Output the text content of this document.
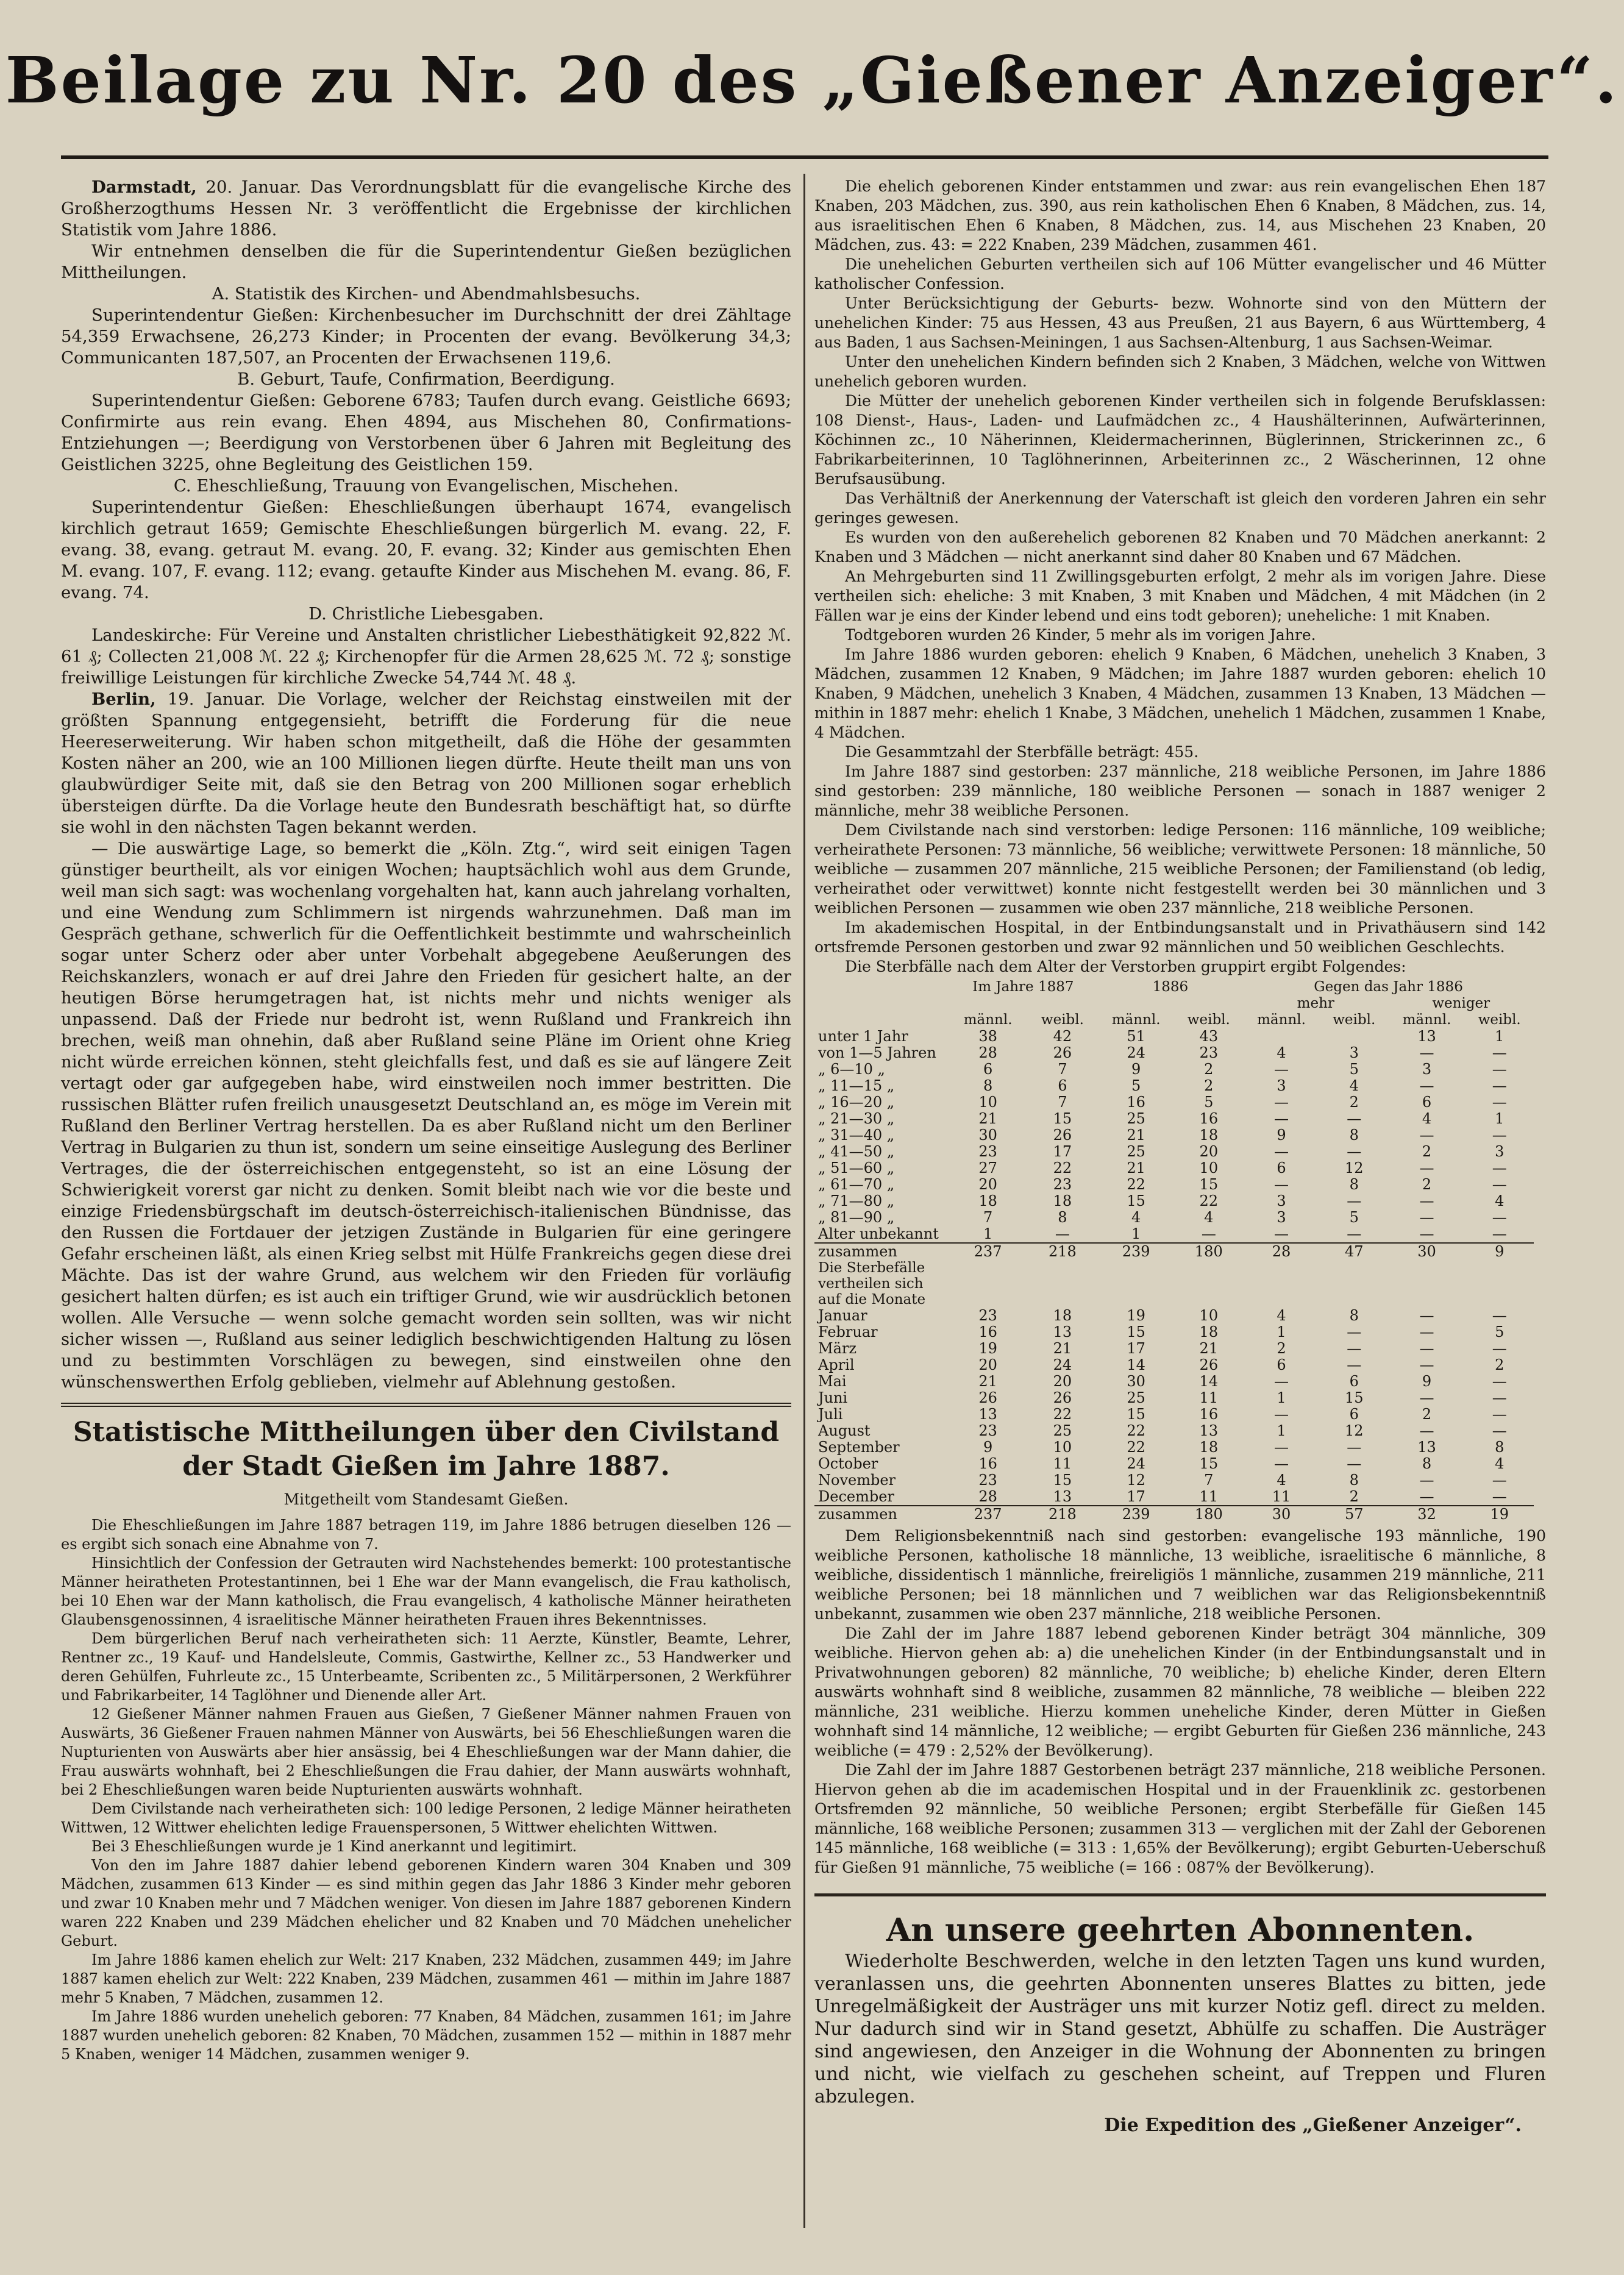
Beilage zu Nr. 20 des „Gießener Anzeiger“.

Darmstadt, 20. Januar. Das Verordnungsblatt für die evangelische Kirche des Großherzogthums Hessen Nr. 3 veröffentlicht die Ergebnisse der kirchlichen Statistik vom Jahre 1886.

Wir entnehmen denselben die für die Superintendentur Gießen bezüglichen Mittheilungen.

A. Statistik des Kirchen- und Abendmahlsbesuchs.

Superintendentur Gießen: Kirchenbesucher im Durchschnitt der drei Zähltage 54,359 Erwachsene, 26,273 Kinder; in Procenten der evang. Bevölkerung 34,3; Communicanten 187,507, an Procenten der Erwachsenen 119,6.

B. Geburt, Taufe, Confirmation, Beerdigung.

Superintendentur Gießen: Geborene 6783; Taufen durch evang. Geistliche 6693; Confirmirte aus rein evang. Ehen 4894, aus Mischehen 80, Confirmations-Entziehungen —; Beerdigung von Verstorbenen über 6 Jahren mit Begleitung des Geistlichen 3225, ohne Begleitung des Geistlichen 159.

C. Eheschließung, Trauung von Evangelischen, Mischehen.

Superintendentur Gießen: Eheschließungen überhaupt 1674, evangelisch kirchlich getraut 1659; Gemischte Eheschließungen bürgerlich M. evang. 22, F. evang. 38, evang. getraut M. evang. 20, F. evang. 32; Kinder aus gemischten Ehen M. evang. 107, F. evang. 112; evang. getaufte Kinder aus Mischehen M. evang. 86, F. evang. 74.

D. Christliche Liebesgaben.

Landeskirche: Für Vereine und Anstalten christlicher Liebesthätigkeit 92,822 ℳ. 61 ₰; Collecten 21,008 ℳ. 22 ₰; Kirchenopfer für die Armen 28,625 ℳ. 72 ₰; sonstige freiwillige Leistungen für kirchliche Zwecke 54,744 ℳ. 48 ₰.

Berlin, 19. Januar. Die Vorlage, welcher der Reichstag einstweilen mit der größten Spannung entgegensieht, betrifft die Forderung für die neue Heereserweiterung. Wir haben schon mitgetheilt, daß die Höhe der gesammten Kosten näher an 200, wie an 100 Millionen liegen dürfte. Heute theilt man uns von glaubwürdiger Seite mit, daß sie den Betrag von 200 Millionen sogar erheblich übersteigen dürfte. Da die Vorlage heute den Bundesrath beschäftigt hat, so dürfte sie wohl in den nächsten Tagen bekannt werden.

— Die auswärtige Lage, so bemerkt die „Köln. Ztg.“, wird seit einigen Tagen günstiger beurtheilt, als vor einigen Wochen; hauptsächlich wohl aus dem Grunde, weil man sich sagt: was wochenlang vorgehalten hat, kann auch jahrelang vorhalten, und eine Wendung zum Schlimmern ist nirgends wahrzunehmen. Daß man im Gespräch gethane, schwerlich für die Oeffentlichkeit bestimmte und wahrscheinlich sogar unter Scherz oder aber unter Vorbehalt abgegebene Aeußerungen des Reichskanzlers, wonach er auf drei Jahre den Frieden für gesichert halte, an der heutigen Börse herumgetragen hat, ist nichts mehr und nichts weniger als unpassend. Daß der Friede nur bedroht ist, wenn Rußland und Frankreich ihn brechen, weiß man ohnehin, daß aber Rußland seine Pläne im Orient ohne Krieg nicht würde erreichen können, steht gleichfalls fest, und daß es sie auf längere Zeit vertagt oder gar aufgegeben habe, wird einstweilen noch immer bestritten. Die russischen Blätter rufen freilich unausgesetzt Deutschland an, es möge im Verein mit Rußland den Berliner Vertrag herstellen. Da es aber Rußland nicht um den Berliner Vertrag in Bulgarien zu thun ist, sondern um seine einseitige Auslegung des Berliner Vertrages, die der österreichischen entgegensteht, so ist an eine Lösung der Schwierigkeit vorerst gar nicht zu denken. Somit bleibt nach wie vor die beste und einzige Friedensbürgschaft im deutsch-österreichisch-italienischen Bündnisse, das den Russen die Fortdauer der jetzigen Zustände in Bulgarien für eine geringere Gefahr erscheinen läßt, als einen Krieg selbst mit Hülfe Frankreichs gegen diese drei Mächte. Das ist der wahre Grund, aus welchem wir den Frieden für vorläufig gesichert halten dürfen; es ist auch ein triftiger Grund, wie wir ausdrücklich betonen wollen. Alle Versuche — wenn solche gemacht worden sein sollten, was wir nicht sicher wissen —, Rußland aus seiner lediglich beschwichtigenden Haltung zu lösen und zu bestimmten Vorschlägen zu bewegen, sind einstweilen ohne den wünschenswerthen Erfolg geblieben, vielmehr auf Ablehnung gestoßen.

Statistische Mittheilungen über den Civilstand der Stadt Gießen im Jahre 1887.
Mitgetheilt vom Standesamt Gießen.

Die Eheschließungen im Jahre 1887 betragen 119, im Jahre 1886 betrugen dieselben 126 — es ergibt sich sonach eine Abnahme von 7.

Hinsichtlich der Confession der Getrauten wird Nachstehendes bemerkt: 100 protestantische Männer heiratheten Protestantinnen, bei 1 Ehe war der Mann evangelisch, die Frau katholisch, bei 10 Ehen war der Mann katholisch, die Frau evangelisch, 4 katholische Männer heiratheten Glaubensgenossinnen, 4 israelitische Männer heiratheten Frauen ihres Bekenntnisses.

Dem bürgerlichen Beruf nach verheiratheten sich: 11 Aerzte, Künstler, Beamte, Lehrer, Rentner zc., 19 Kauf- und Handelsleute, Commis, Gastwirthe, Kellner zc., 53 Handwerker und deren Gehülfen, Fuhrleute zc., 15 Unterbeamte, Scribenten zc., 5 Militärpersonen, 2 Werkführer und Fabrikarbeiter, 14 Taglöhner und Dienende aller Art.

12 Gießener Männer nahmen Frauen aus Gießen, 7 Gießener Männer nahmen Frauen von Auswärts, 36 Gießener Frauen nahmen Männer von Auswärts, bei 56 Eheschließungen waren die Nupturienten von Auswärts aber hier ansässig, bei 4 Eheschließungen war der Mann dahier, die Frau auswärts wohnhaft, bei 2 Eheschließungen die Frau dahier, der Mann auswärts wohnhaft, bei 2 Eheschließungen waren beide Nupturienten auswärts wohnhaft.

Dem Civilstande nach verheiratheten sich: 100 ledige Personen, 2 ledige Männer heiratheten Wittwen, 12 Wittwer ehelichten ledige Frauenspersonen, 5 Wittwer ehelichten Wittwen.

Bei 3 Eheschließungen wurde je 1 Kind anerkannt und legitimirt.

Von den im Jahre 1887 dahier lebend geborenen Kindern waren 304 Knaben und 309 Mädchen, zusammen 613 Kinder — es sind mithin gegen das Jahr 1886 3 Kinder mehr geboren und zwar 10 Knaben mehr und 7 Mädchen weniger. Von diesen im Jahre 1887 geborenen Kindern waren 222 Knaben und 239 Mädchen ehelicher und 82 Knaben und 70 Mädchen unehelicher Geburt.

Im Jahre 1886 kamen ehelich zur Welt: 217 Knaben, 232 Mädchen, zusammen 449; im Jahre 1887 kamen ehelich zur Welt: 222 Knaben, 239 Mädchen, zusammen 461 — mithin im Jahre 1887 mehr 5 Knaben, 7 Mädchen, zusammen 12.

Im Jahre 1886 wurden unehelich geboren: 77 Knaben, 84 Mädchen, zusammen 161; im Jahre 1887 wurden unehelich geboren: 82 Knaben, 70 Mädchen, zusammen 152 — mithin in 1887 mehr 5 Knaben, weniger 14 Mädchen, zusammen weniger 9.

Die ehelich geborenen Kinder entstammen und zwar: aus rein evangelischen Ehen 187 Knaben, 203 Mädchen, zus. 390, aus rein katholischen Ehen 6 Knaben, 8 Mädchen, zus. 14, aus israelitischen Ehen 6 Knaben, 8 Mädchen, zus. 14, aus Mischehen 23 Knaben, 20 Mädchen, zus. 43: = 222 Knaben, 239 Mädchen, zusammen 461.

Die unehelichen Geburten vertheilen sich auf 106 Mütter evangelischer und 46 Mütter katholischer Confession.

Unter Berücksichtigung der Geburts- bezw. Wohnorte sind von den Müttern der unehelichen Kinder: 75 aus Hessen, 43 aus Preußen, 21 aus Bayern, 6 aus Württemberg, 4 aus Baden, 1 aus Sachsen-Meiningen, 1 aus Sachsen-Altenburg, 1 aus Sachsen-Weimar.

Unter den unehelichen Kindern befinden sich 2 Knaben, 3 Mädchen, welche von Wittwen unehelich geboren wurden.

Die Mütter der unehelich geborenen Kinder vertheilen sich in folgende Berufsklassen: 108 Dienst-, Haus-, Laden- und Laufmädchen zc., 4 Haushälterinnen, Aufwärterinnen, Köchinnen zc., 10 Näherinnen, Kleidermacherinnen, Büglerinnen, Strickerinnen zc., 6 Fabrikarbeiterinnen, 10 Taglöhnerinnen, Arbeiterinnen zc., 2 Wäscherinnen, 12 ohne Berufsausübung.

Das Verhältniß der Anerkennung der Vaterschaft ist gleich den vorderen Jahren ein sehr geringes gewesen.

Es wurden von den außerehelich geborenen 82 Knaben und 70 Mädchen anerkannt: 2 Knaben und 3 Mädchen — nicht anerkannt sind daher 80 Knaben und 67 Mädchen.

An Mehrgeburten sind 11 Zwillingsgeburten erfolgt, 2 mehr als im vorigen Jahre. Diese vertheilen sich: eheliche: 3 mit Knaben, 3 mit Knaben und Mädchen, 4 mit Mädchen (in 2 Fällen war je eins der Kinder lebend und eins todt geboren); uneheliche: 1 mit Knaben.

Todtgeboren wurden 26 Kinder, 5 mehr als im vorigen Jahre.

Im Jahre 1886 wurden geboren: ehelich 9 Knaben, 6 Mädchen, unehelich 3 Knaben, 3 Mädchen, zusammen 12 Knaben, 9 Mädchen; im Jahre 1887 wurden geboren: ehelich 10 Knaben, 9 Mädchen, unehelich 3 Knaben, 4 Mädchen, zusammen 13 Knaben, 13 Mädchen — mithin in 1887 mehr: ehelich 1 Knabe, 3 Mädchen, unehelich 1 Mädchen, zusammen 1 Knabe, 4 Mädchen.

Die Gesammtzahl der Sterbfälle beträgt: 455.

Im Jahre 1887 sind gestorben: 237 männliche, 218 weibliche Personen, im Jahre 1886 sind gestorben: 239 männliche, 180 weibliche Personen — sonach in 1887 weniger 2 männliche, mehr 38 weibliche Personen.

Dem Civilstande nach sind verstorben: ledige Personen: 116 männliche, 109 weibliche; verheirathete Personen: 73 männliche, 56 weibliche; verwittwete Personen: 18 männliche, 50 weibliche — zusammen 207 männliche, 215 weibliche Personen; der Familienstand (ob ledig, verheirathet oder verwittwet) konnte nicht festgestellt werden bei 30 männlichen und 3 weiblichen Personen — zusammen wie oben 237 männliche, 218 weibliche Personen.

Im akademischen Hospital, in der Entbindungsanstalt und in Privathäusern sind 142 ortsfremde Personen gestorben und zwar 92 männlichen und 50 weiblichen Geschlechts.

Die Sterbfälle nach dem Alter der Verstorben gruppirt ergibt Folgendes:

	Im Jahre 1887		1886		Gegen das Jahr 1886			
					mehr		weniger	
	männl.	weibl.	männl.	weibl.	männl.	weibl.	männl.	weibl.
unter 1 Jahr	38	42	51	43			13	1
von 1—5 Jahren	28	26	24	23	4	3	—	—
„ 6—10 „	6	7	9	2	—	5	3	—
„ 11—15 „	8	6	5	2	3	4	—	—
„ 16—20 „	10	7	16	5	—	2	6	—
„ 21—30 „	21	15	25	16	—	—	4	1
„ 31—40 „	30	26	21	18	9	8	—	—
„ 41—50 „	23	17	25	20	—	—	2	3
„ 51—60 „	27	22	21	10	6	12	—	—
„ 61—70 „	20	23	22	15	—	8	2	—
„ 71—80 „	18	18	15	22	3	—	—	4
„ 81—90 „	7	8	4	4	3	5	—	—
Alter unbekannt	1	—	1	—	—	—	—	—
zusammen	237	218	239	180	28	47	30	9
Die Sterbefälle vertheilen sich auf die Monate								
Januar	23	18	19	10	4	8	—	—
Februar	16	13	15	18	1	—	—	5
März	19	21	17	21	2	—	—	—
April	20	24	14	26	6	—	—	2
Mai	21	20	30	14	—	6	9	—
Juni	26	26	25	11	1	15	—	—
Juli	13	22	15	16	—	6	2	—
August	23	25	22	13	1	12	—	—
September	9	10	22	18	—	—	13	8
October	16	11	24	15	—	—	8	4
November	23	15	12	7	4	8	—	—
December	28	13	17	11	11	2	—	—
zusammen	237	218	239	180	30	57	32	19

Dem Religionsbekenntniß nach sind gestorben: evangelische 193 männliche, 190 weibliche Personen, katholische 18 männliche, 13 weibliche, israelitische 6 männliche, 8 weibliche, dissidentisch 1 männliche, freireligiös 1 männliche, zusammen 219 männliche, 211 weibliche Personen; bei 18 männlichen und 7 weiblichen war das Religionsbekenntniß unbekannt, zusammen wie oben 237 männliche, 218 weibliche Personen.

Die Zahl der im Jahre 1887 lebend geborenen Kinder beträgt 304 männliche, 309 weibliche. Hiervon gehen ab: a) die unehelichen Kinder (in der Entbindungsanstalt und in Privatwohnungen geboren) 82 männliche, 70 weibliche; b) eheliche Kinder, deren Eltern auswärts wohnhaft sind 8 weibliche, zusammen 82 männliche, 78 weibliche — bleiben 222 männliche, 231 weibliche. Hierzu kommen uneheliche Kinder, deren Mütter in Gießen wohnhaft sind 14 männliche, 12 weibliche; — ergibt Geburten für Gießen 236 männliche, 243 weibliche (= 479 : 2,52% der Bevölkerung).

Die Zahl der im Jahre 1887 Gestorbenen beträgt 237 männliche, 218 weibliche Personen. Hiervon gehen ab die im academischen Hospital und in der Frauenklinik zc. gestorbenen Ortsfremden 92 männliche, 50 weibliche Personen; ergibt Sterbefälle für Gießen 145 männliche, 168 weibliche Personen; zusammen 313 — verglichen mit der Zahl der Geborenen 145 männliche, 168 weibliche (= 313 : 1,65% der Bevölkerung); ergibt Geburten-Ueberschuß für Gießen 91 männliche, 75 weibliche (= 166 : 087% der Bevölkerung).

An unsere geehrten Abonnenten.

Wiederholte Beschwerden, welche in den letzten Tagen uns kund wurden, veranlassen uns, die geehrten Abonnenten unseres Blattes zu bitten, jede Unregelmäßigkeit der Austräger uns mit kurzer Notiz gefl. direct zu melden. Nur dadurch sind wir in Stand gesetzt, Abhülfe zu schaffen. Die Austräger sind angewiesen, den Anzeiger in die Wohnung der Abonnenten zu bringen und nicht, wie vielfach zu geschehen scheint, auf Treppen und Fluren abzulegen.

Die Expedition des „Gießener Anzeiger“.
